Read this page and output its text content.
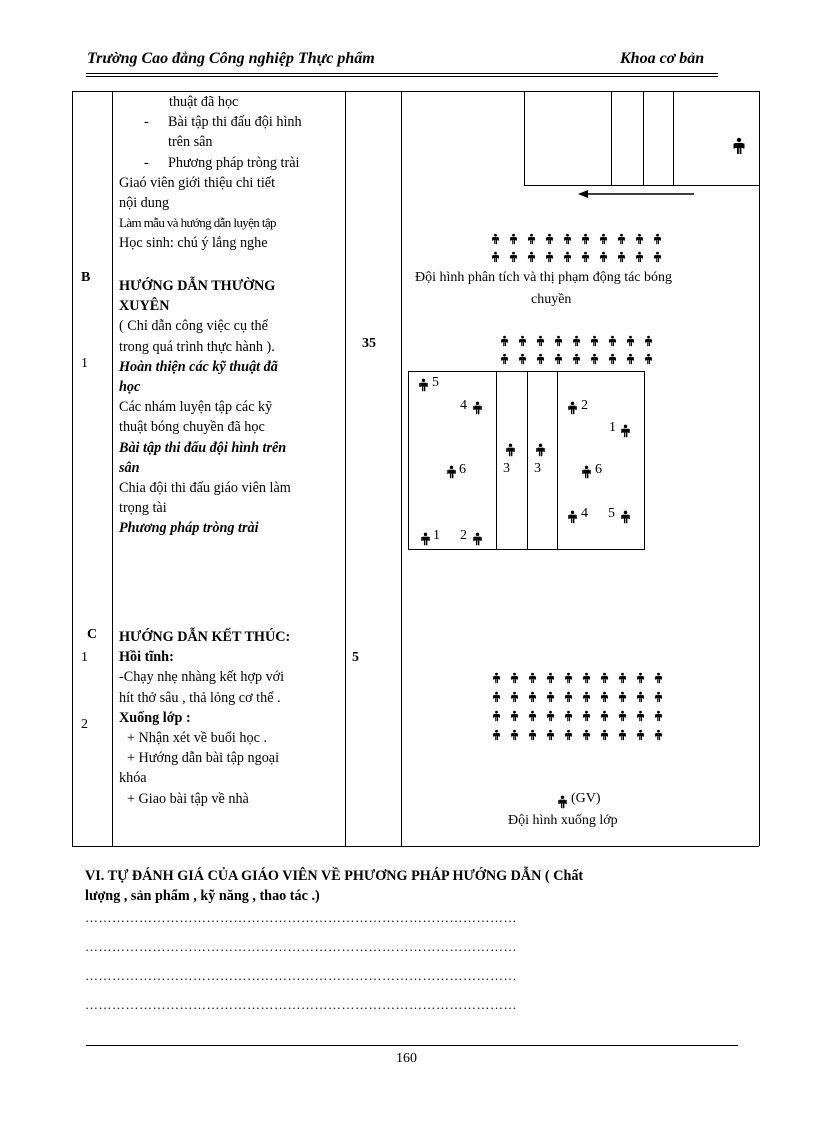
Trường Cao đẳng Công nghiệp Thực phẩm	Khoa cơ bản
B
1
C
1
2
thuật đã học
- Bài tập thi đấu đội hình
trên sân
- Phương pháp tròng trài
Giaó viên giới thiệu chi tiết
nội dung
Làm mẫu và hướng dẫn luyện tập
Học sinh: chú ý lắng nghe
HƯỚNG DẪN THƯỜNG
XUYÊN
( Chỉ dẫn công việc cụ thể
trong quá trình thực hành ).
Hoàn thiện các kỹ thuật đã
học
Các nhám luyện tập các kỹ
thuật bóng chuyền đã học
Bài tập thi đấu đội hình trên
sân
Chia đội thi đấu giáo viên làm
trọng tài
Phương pháp tròng trài
HƯỚNG DẪN KẾT THÚC:
Hồi tĩnh:
-Chạy nhẹ nhàng kết hợp với
hít thở sâu , thả lỏng cơ thể .
Xuống lớp :
+ Nhận xét về buổi học .
+ Hướng dẫn bài tập ngoại
khóa
+ Giao bài tập về nhà
35
5
Đội hình phân tích và thị phạm động tác bóng
chuyền
5
4
6
1 2
3 3
2
1
6
4 5
(GV)
Đội hình xuống lớp
VI. TỰ ĐÁNH GIÁ CỦA GIÁO VIÊN VỀ PHƯƠNG PHÁP HƯỚNG DẪN ( Chất
lượng , sản phẩm , kỹ năng , thao tác .)
……………………………………………………………………………………
……………………………………………………………………………………
……………………………………………………………………………………
……………………………………………………………………………………
160
